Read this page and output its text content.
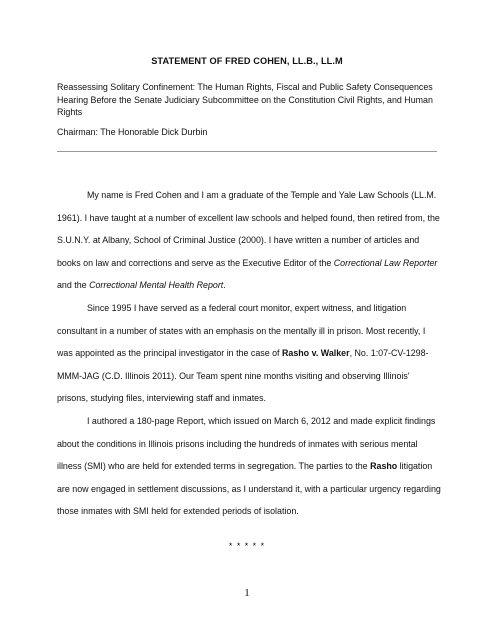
STATEMENT OF FRED COHEN, LL.B., LL.M
Reassessing Solitary Confinement: The Human Rights, Fiscal and Public Safety Consequences Hearing Before the Senate Judiciary Subcommittee on the Constitution Civil Rights, and Human Rights
Chairman: The Honorable Dick Durbin

My name is Fred Cohen and I am a graduate of the Temple and Yale Law Schools (LL.M. 1961). I have taught at a number of excellent law schools and helped found, then retired from, the S.U.N.Y. at Albany, School of Criminal Justice (2000). I have written a number of articles and books on law and corrections and serve as the Executive Editor of the Correctional Law Reporter and the Correctional Mental Health Report.

Since 1995 I have served as a federal court monitor, expert witness, and litigation consultant in a number of states with an emphasis on the mentally ill in prison. Most recently, I was appointed as the principal investigator in the case of Rasho v. Walker, No. 1:07-CV-1298-MMM-JAG (C.D. Illinois 2011). Our Team spent nine months visiting and observing Illinois' prisons, studying files, interviewing staff and inmates.

I authored a 180-page Report, which issued on March 6, 2012 and made explicit findings about the conditions in Illinois prisons including the hundreds of inmates with serious mental illness (SMI) who are held for extended terms in segregation. The parties to the Rasho litigation are now engaged in settlement discussions, as I understand it, with a particular urgency regarding those inmates with SMI held for extended periods of isolation.

* * * * *
1
